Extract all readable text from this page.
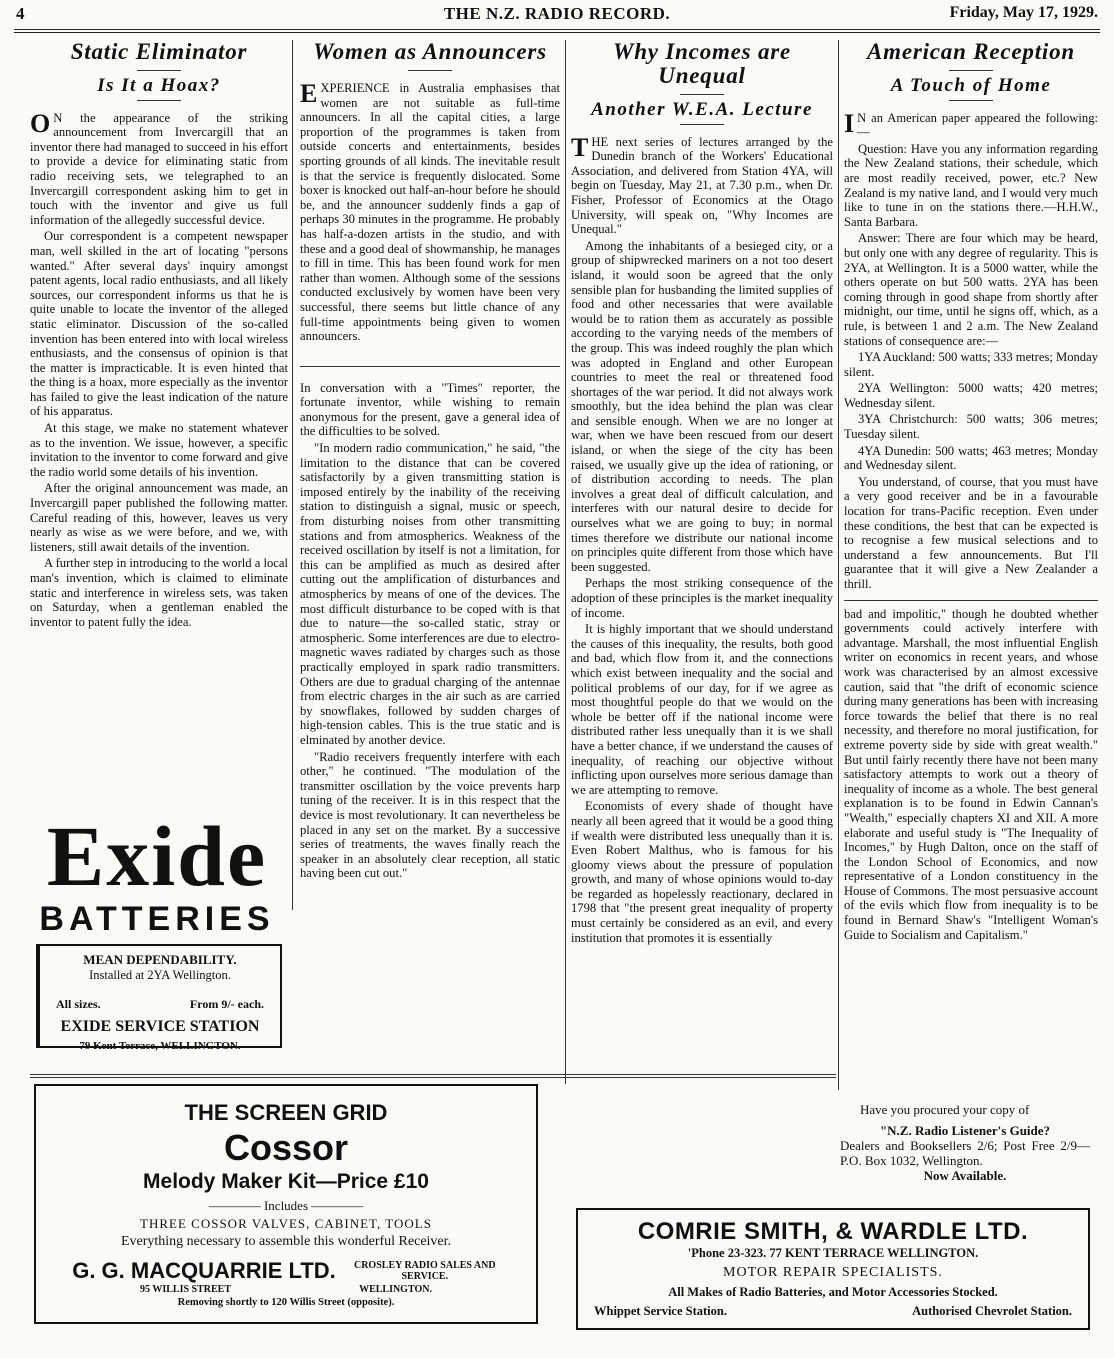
4	THE N.Z. RADIO RECORD.	Friday, May 17, 1929.
Static Eliminator
Is It a Hoax?

O N the appearance of the striking announcement from Invercargill that an inventor there had managed to succeed in his effort to provide a device for eliminating static from radio receiving sets, we telegraphed to an Invercargill correspondent asking him to get in touch with the inventor and give us full information of the allegedly successful device.

Our correspondent is a competent newspaper man, well skilled in the art of locating "persons wanted." After several days' inquiry amongst patent agents, local radio enthusiasts, and all likely sources, our correspondent informs us that he is quite unable to locate the inventor of the alleged static eliminator. Discussion of the so-called invention has been entered into with local wireless enthusiasts, and the consensus of opinion is that the matter is impracticable. It is even hinted that the thing is a hoax, more especially as the inventor has failed to give the least indication of the nature of his apparatus.

At this stage, we make no statement whatever as to the invention. We issue, however, a specific invitation to the inventor to come forward and give the radio world some details of his invention.

After the original announcement was made, an Invercargill paper published the following matter. Careful reading of this, however, leaves us very nearly as wise as we were before, and we, with listeners, still await details of the invention.

A further step in introducing to the world a local man's invention, which is claimed to eliminate static and interference in wireless sets, was taken on Saturday, when a gentleman enabled the inventor to patent fully the idea.

Exide
BATTERIES
MEAN DEPENDABILITY.
Installed at 2YA Wellington.
All sizes.	From 9/- each.
EXIDE SERVICE STATION
79 Kent Terrace, WELLINGTON.
Women as Announcers

EXPERIENCE in Australia emphasises that women are not suitable as full-time announcers. In all the capital cities, a large proportion of the programmes is taken from outside concerts and entertainments, besides sporting grounds of all kinds. The inevitable result is that the service is frequently dislocated. Some boxer is knocked out half-an-hour before he should be, and the announcer suddenly finds a gap of perhaps 30 minutes in the programme. He probably has half-a-dozen artists in the studio, and with these and a good deal of showmanship, he manages to fill in time. This has been found work for men rather than women. Although some of the sessions conducted exclusively by women have been very successful, there seems but little chance of any full-time appointments being given to women announcers.

In conversation with a "Times" reporter, the fortunate inventor, while wishing to remain anonymous for the present, gave a general idea of the difficulties to be solved.

"In modern radio communication," he said, "the limitation to the distance that can be covered satisfactorily by a given transmitting station is imposed entirely by the inability of the receiving station to distinguish a signal, music or speech, from disturbing noises from other transmitting stations and from atmospherics. Weakness of the received oscillation by itself is not a limitation, for this can be amplified as much as desired after cutting out the amplification of disturbances and atmospherics by means of one of the devices. The most difficult disturbance to be coped with is that due to nature—the so-called static, stray or atmospheric. Some interferences are due to electro-magnetic waves radiated by charges such as those practically employed in spark radio transmitters. Others are due to gradual charging of the antennae from electric charges in the air such as are carried by snowflakes, followed by sudden charges of high-tension cables. This is the true static and is elminated by another device.

"Radio receivers frequently interfere with each other," he continued. "The modulation of the transmitter oscillation by the voice prevents harp tuning of the receiver. It is in this respect that the device is most revolutionary. It can nevertheless be placed in any set on the market. By a successive series of treatments, the waves finally reach the speaker in an absolutely clear reception, all static having been cut out."

Why Incomes are Unequal
Another W.E.A. Lecture

THE next series of lectures arranged by the Dunedin branch of the Workers' Educational Association, and delivered from Station 4YA, will begin on Tuesday, May 21, at 7.30 p.m., when Dr. Fisher, Professor of Economics at the Otago University, will speak on, "Why Incomes are Unequal."

Among the inhabitants of a besieged city, or a group of shipwrecked mariners on a not too desert island, it would soon be agreed that the only sensible plan for husbanding the limited supplies of food and other necessaries that were available would be to ration them as accurately as possible according to the varying needs of the members of the group. This was indeed roughly the plan which was adopted in England and other European countries to meet the real or threatened food shortages of the war period. It did not always work smoothly, but the idea behind the plan was clear and sensible enough. When we are no longer at war, when we have been rescued from our desert island, or when the siege of the city has been raised, we usually give up the idea of rationing, or of distribution according to needs. The plan involves a great deal of difficult calculation, and interferes with our natural desire to decide for ourselves what we are going to buy; in normal times therefore we distribute our national income on principles quite different from those which have been suggested.

Perhaps the most striking consequence of the adoption of these principles is the market inequality of income.

It is highly important that we should understand the causes of this inequality, the results, both good and bad, which flow from it, and the connections which exist between inequality and the social and political problems of our day, for if we agree as most thoughtful people do that we would on the whole be better off if the national income were distributed rather less unequally than it is we shall have a better chance, if we understand the causes of inequality, of reaching our objective without inflicting upon ourselves more serious damage than we are attempting to remove.

Economists of every shade of thought have nearly all been agreed that it would be a good thing if wealth were distributed less unequally than it is. Even Robert Malthus, who is famous for his gloomy views about the pressure of population growth, and many of whose opinions would to-day be regarded as hopelessly reactionary, declared in 1798 that "the present great inequality of property must certainly be considered as an evil, and every institution that promotes it is essentially

American Reception
A Touch of Home

I N an American paper appeared the following:—

Question: Have you any information regarding the New Zealand stations, their schedule, which are most readily received, power, etc.? New Zealand is my native land, and I would very much like to tune in on the stations there.—H.H.W., Santa Barbara.

Answer: There are four which may be heard, but only one with any degree of regularity. This is 2YA, at Wellington. It is a 5000 watter, while the others operate on but 500 watts. 2YA has been coming through in good shape from shortly after midnight, our time, until he signs off, which, as a rule, is between 1 and 2 a.m. The New Zealand stations of consequence are:—

1YA Auckland: 500 watts; 333 metres; Monday silent.

2YA Wellington: 5000 watts; 420 metres; Wednesday silent.

3YA Christchurch: 500 watts; 306 metres; Tuesday silent.

4YA Dunedin: 500 watts; 463 metres; Monday and Wednesday silent.

You understand, of course, that you must have a very good receiver and be in a favourable location for trans-Pacific reception. Even under these conditions, the best that can be expected is to recognise a few musical selections and to understand a few announcements. But I'll guarantee that it will give a New Zealander a thrill.

bad and impolitic," though he doubted whether governments could actively interfere with advantage. Marshall, the most influential English writer on economics in recent years, and whose work was characterised by an almost excessive caution, said that "the drift of economic science during many generations has been with increasing force towards the belief that there is no real necessity, and therefore no moral justification, for extreme poverty side by side with great wealth." But until fairly recently there have not been many satisfactory attempts to work out a theory of inequality of income as a whole. The best general explanation is to be found in Edwin Cannan's "Wealth," especially chapters XI and XII. A more elaborate and useful study is "The Inequality of Incomes," by Hugh Dalton, once on the staff of the London School of Economics, and now representative of a London constituency in the House of Commons. The most persuasive account of the evils which flow from inequality is to be found in Bernard Shaw's "Intelligent Woman's Guide to Socialism and Capitalism."

Have you procured your copy of
"N.Z. Radio Listener's Guide?
Dealers and Booksellers 2/6; Post Free 2/9—P.O. Box 1032, Wellington.
Now Available.
THE SCREEN GRID
Cossor
Melody Maker Kit—Price £10
———— Includes ————
THREE COSSOR VALVES, CABINET, TOOLS
Everything necessary to assemble this wonderful Receiver.
G. G. MACQUARRIE LTD.	CROSLEY RADIO SALES AND SERVICE.
95 WILLIS STREET	WELLINGTON.
Removing shortly to 120 Willis Street (opposite).
COMRIE SMITH, & WARDLE LTD.
'Phone 23-323. 77 KENT TERRACE WELLINGTON.
MOTOR REPAIR SPECIALISTS.
All Makes of Radio Batteries, and Motor Accessories Stocked.
Whippet Service Station.	Authorised Chevrolet Station.
